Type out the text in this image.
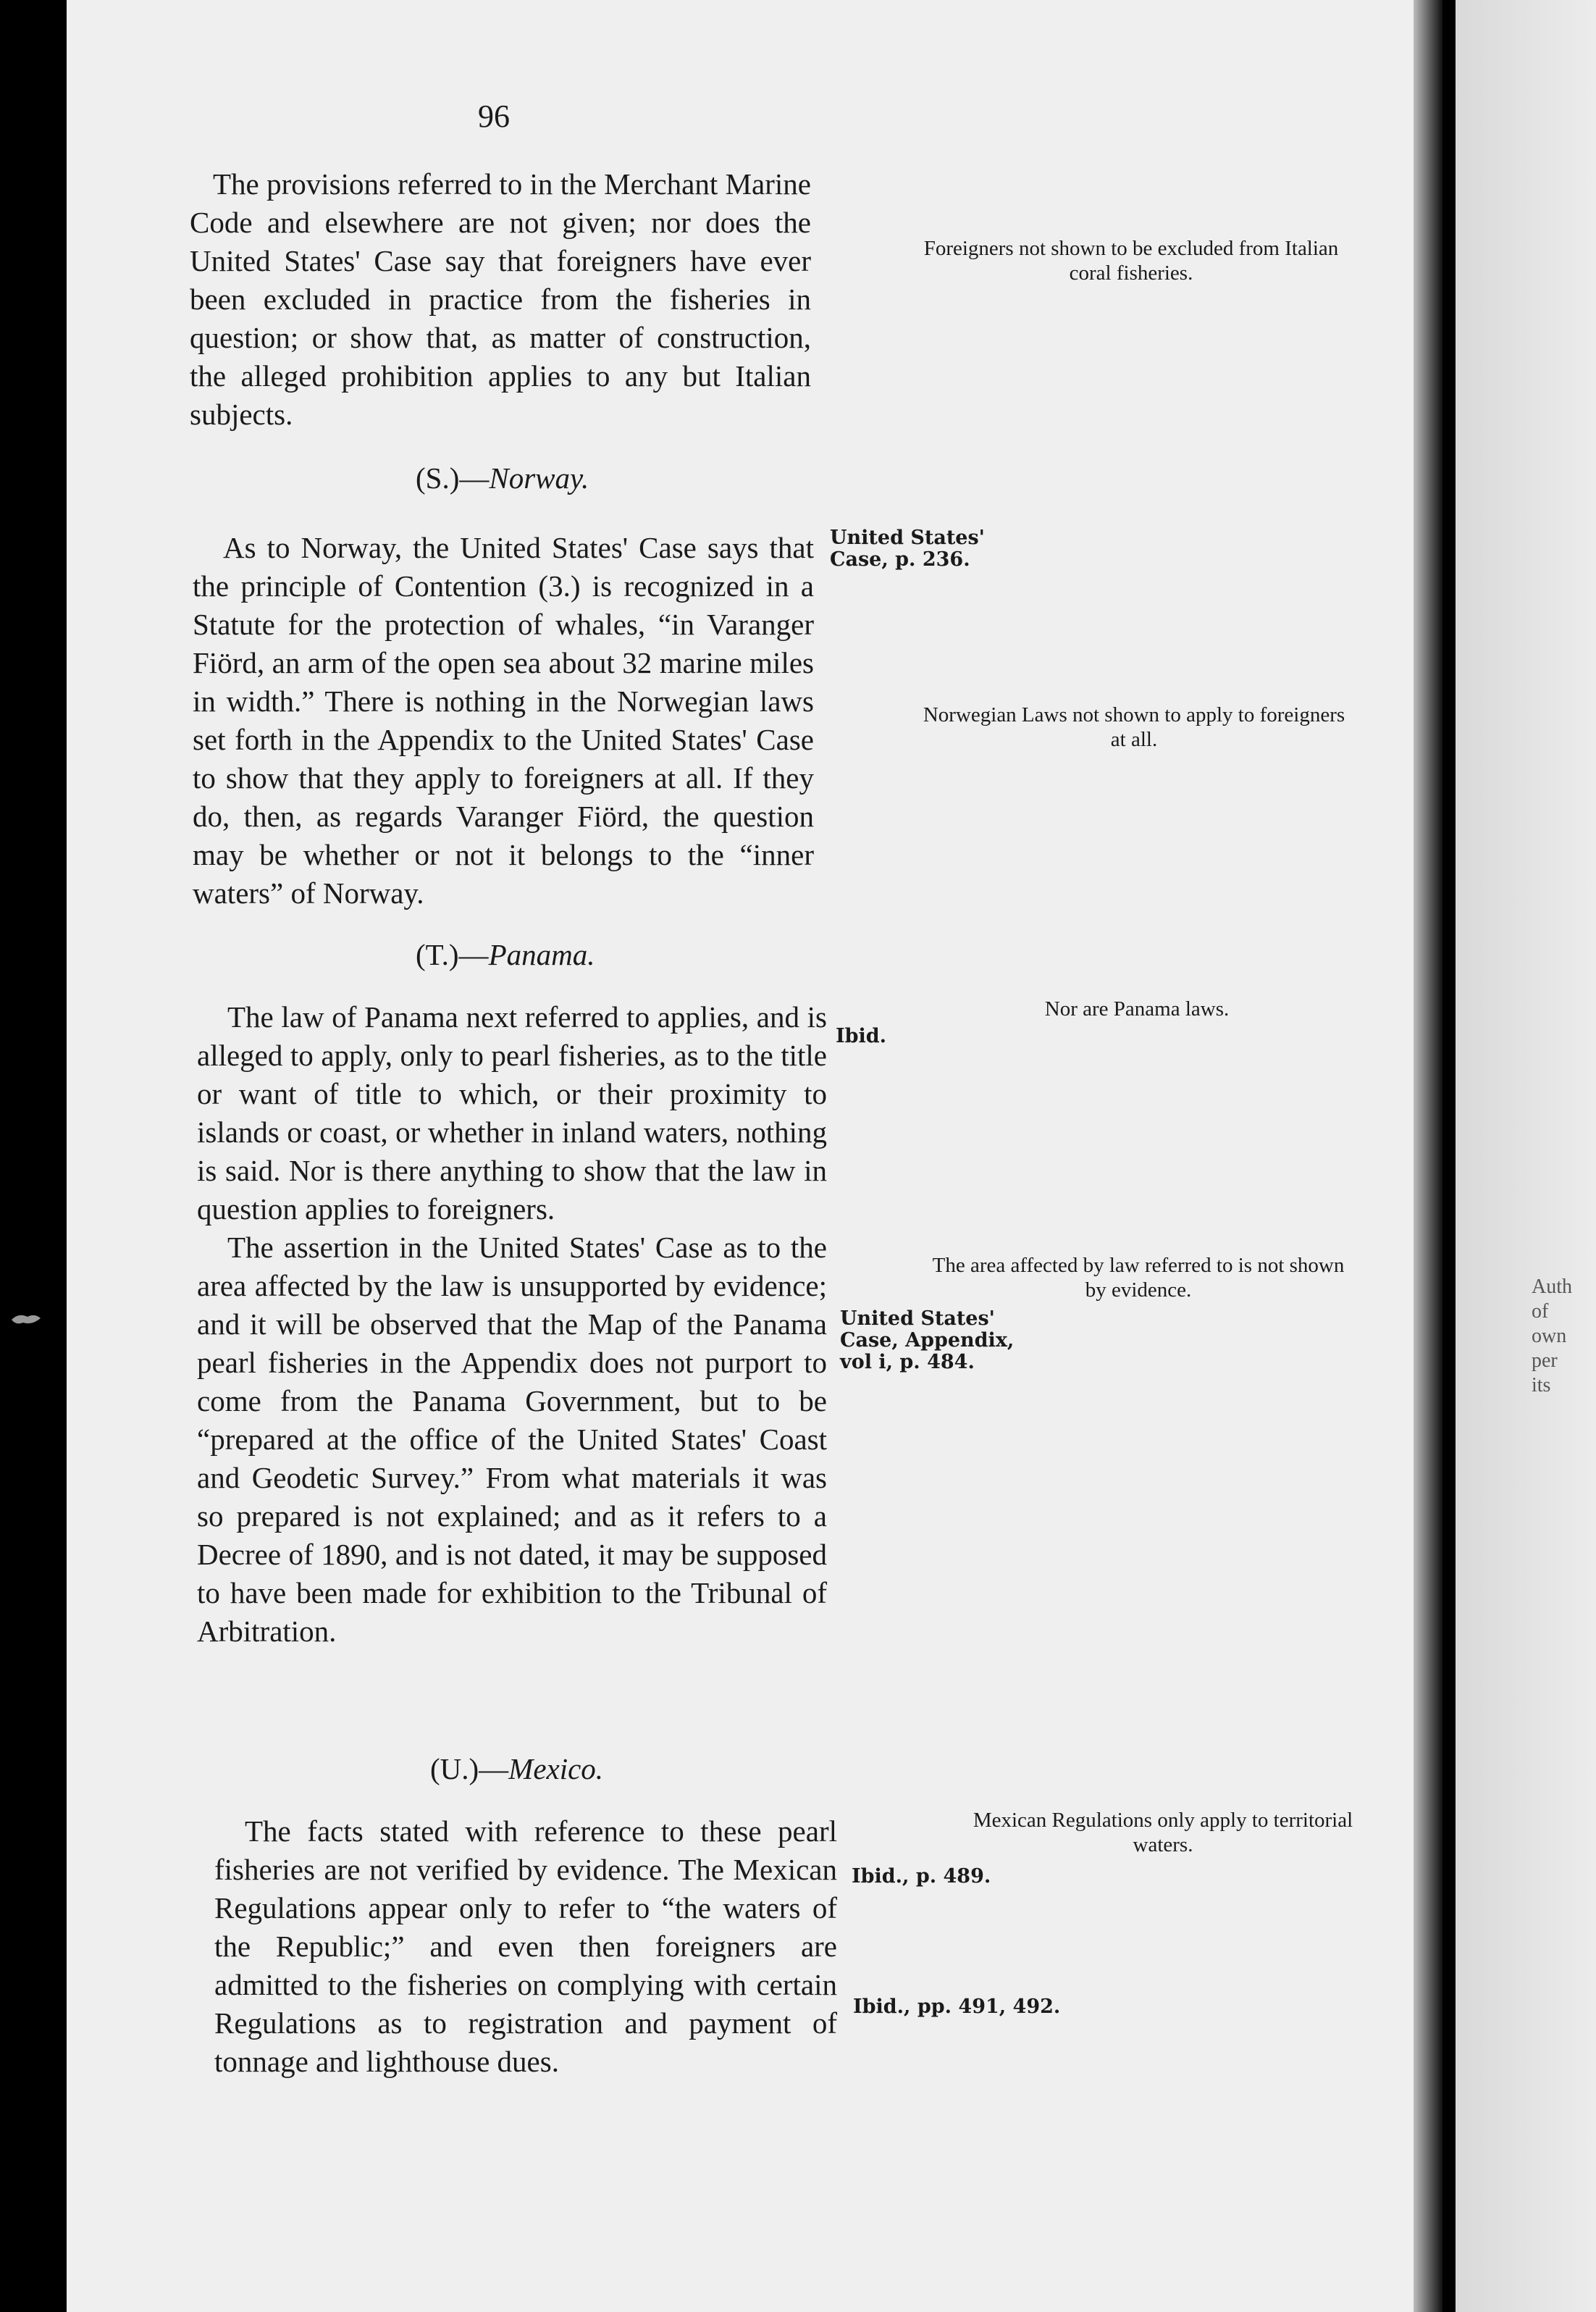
96

The provisions referred to in the Merchant Marine Code and elsewhere are not given; nor does the United States' Case say that foreigners have ever been excluded in practice from the fisheries in question; or show that, as matter of construction, the alleged prohibition applies to any but Italian subjects.

(S.)—Norway.

As to Norway, the United States' Case says that the principle of Contention (3.) is recognized in a Statute for the protection of whales, “in Varanger Fiörd, an arm of the open sea about 32 marine miles in width.” There is nothing in the Norwegian laws set forth in the Appendix to the United States' Case to show that they apply to foreigners at all. If they do, then, as regards Varanger Fiörd, the question may be whether or not it belongs to the “inner waters” of Norway.

(T.)—Panama.

The law of Panama next referred to applies, and is alleged to apply, only to pearl fisheries, as to the title or want of title to which, or their proximity to islands or coast, or whether in inland waters, nothing is said. Nor is there anything to show that the law in question applies to foreigners.

The assertion in the United States' Case as to the area affected by the law is unsupported by evidence; and it will be observed that the Map of the Panama pearl fisheries in the Appendix does not purport to come from the Panama Government, but to be “prepared at the office of the United States' Coast and Geodetic Survey.” From what materials it was so prepared is not explained; and as it refers to a Decree of 1890, and is not dated, it may be supposed to have been made for exhibition to the Tribunal of Arbitration.

(U.)—Mexico.

The facts stated with reference to these pearl fisheries are not verified by evidence. The Mexican Regulations appear only to refer to “the waters of the Republic;” and even then foreigners are admitted to the fisheries on complying with certain Regulations as to registration and payment of tonnage and lighthouse dues.

United States'
Case, p. 236.
Ibid.
United States'
Case, Appendix,
vol i, p. 484.
Ibid., p. 489.
Ibid., pp. 491, 492.
Foreigners not shown to be excluded from Italian coral fisheries.
Norwegian Laws not shown to apply to foreigners at all.
Nor are Panama laws.
The area affected by law referred to is not shown by evidence.
Mexican Regulations only apply to territorial waters.
Auth
of
own
per
its
